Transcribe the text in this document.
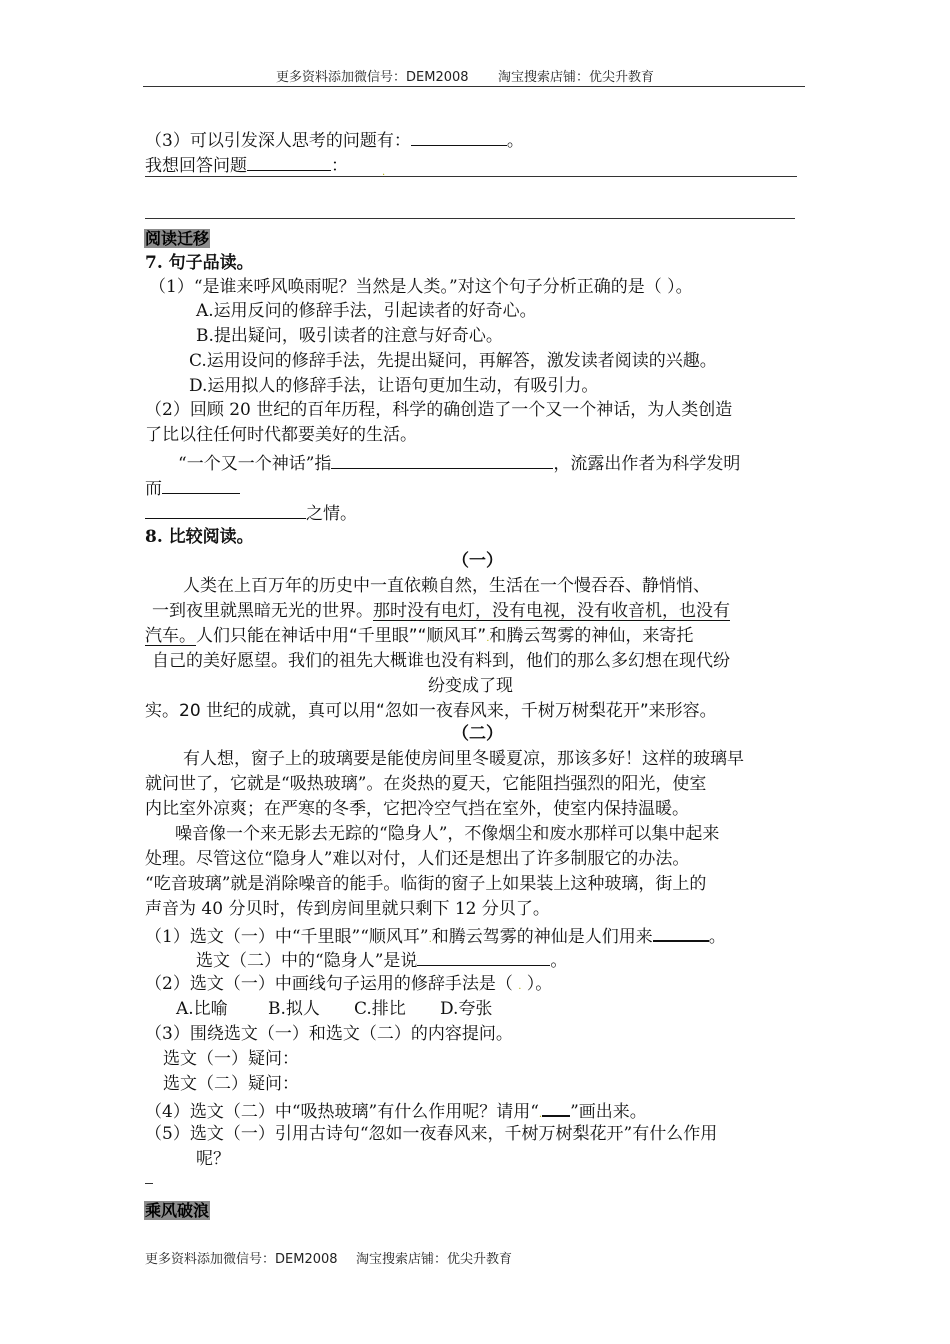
更多资料添加微信号：DEM2008 淘宝搜索店铺：优尖升教育
（3）可以引发深人思考的问题有：	。
我想回答问题	：	.
阅读迁移
7. 句子品读。
（1）“是谁来呼风唤雨呢？当然是人类。”对这个句子分析正确的是（ ）。
A.运用反问的修辞手法，引起读者的好奇心。
B.提出疑问，吸引读者的注意与好奇心。
C.运用设问的修辞手法，先提出疑问，再解答，激发读者阅读的兴趣。
D.运用拟人的修辞手法，让语句更加生动，有吸引力。
（2）回顾 20 世纪的百年历程，科学的确创造了一个又一个神话，为人类创造
了比以往任何时代都要美好的生活。
“一个又一个神话”指	，流露出作者为科学发明
而
之情。
8. 比较阅读。
（一）
人类在上百万年的历史中一直依赖自然，生活在一个慢吞吞、静悄悄、
一到夜里就黑暗无光的世界。那时没有电灯，没有电视，没有收音机，也没有
汽车。人们只能在神话中用“千里眼”“顺风耳”.和腾云驾雾的神仙，来寄托
自己的美好愿望。我们的祖先大概谁也没有料到，他们的那么多幻想在现代纷
纷变成了现
实。20 世纪的成就，真可以用“忽如一夜春风来，千树万树梨花开”来形容。
（二）
有人想，窗子上的玻璃要是能使房间里冬暖夏凉，那该多好！这样的玻璃早
就问世了，它就是“吸热玻璃”。在炎热的夏天，它能阻挡强烈的阳光，使室
内比室外凉爽；在严寒的冬季，它把冷空气挡在室外，使室内保持温暖。
噪音像一个来无影去无踪的“隐身人”，不像烟尘和废水那样可以集中起来
处理。尽管这位“隐身人”难以对付，人们还是想出了许多制服它的办法。
“吃音玻璃”就是消除噪音的能手。临街的窗子上如果装上这种玻璃，街上的
声音为 40 分贝时，传到房间里就只剩下 12 分贝了。
（1）选文（一）中“千里眼”“顺风耳”.和腾云驾雾的神仙是人们用来	。
选文（二）中的“隐身人”是说	。
（2）选文（一）中画线句子运用的修辞手法是（ . ）。
A.比喻 B.拟人 C.排比 D.夸张
（3）围绕选文（一）和选文（二）的内容提问。
选文（一）疑问：
选文（二）疑问：
（4）选文（二）中“吸热玻璃”有什么作用呢？请用“. ”画出来。
（5）选文（一）引用古诗句“忽如一夜春风来，千树万树梨花开”有什么作用
呢？
乘风破浪
更多资料添加微信号：DEM2008 淘宝搜索店铺：优尖升教育
